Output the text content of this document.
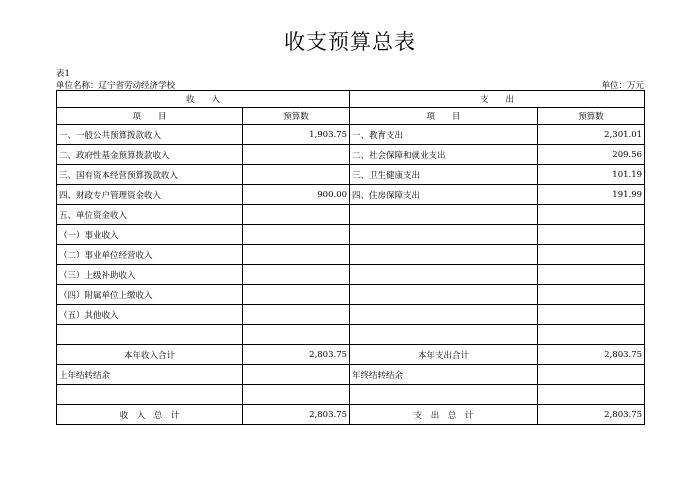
收支预算总表
表1
单位名称：辽宁省劳动经济学校	单位：万元
收　　入		支　　出	
项　　目	预算数	项　　目	预算数
一、一般公共预算拨款收入	1,903.75	一、教育支出	2,301.01
二、政府性基金预算拨款收入		二、社会保障和就业支出	209.56
三、国有资本经营预算拨款收入		三、卫生健康支出	101.19
四、财政专户管理资金收入	900.00	四、住房保障支出	191.99
五、单位资金收入			
（一）事业收入			
（二）事业单位经营收入			
（三）上级补助收入			
（四）附属单位上缴收入			
（五）其他收入			

本年收入合计	2,803.75	本年支出合计	2,803.75
上年结转结余		年终结转结余	

收　入　总　计	2,803.75	支　出　总　计	2,803.75
